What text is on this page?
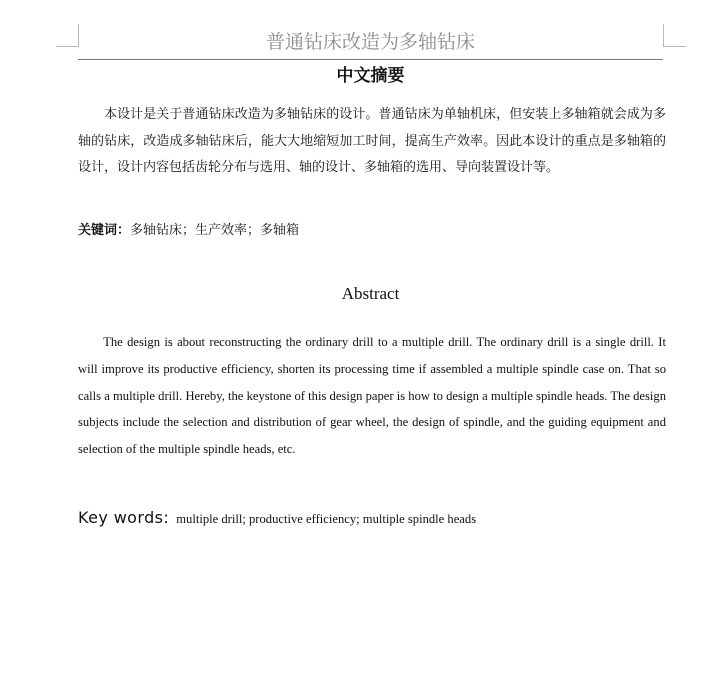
普通钻床改造为多轴钻床
中文摘要

本设计是关于普通钻床改造为多轴钻床的设计。普通钻床为单轴机床，但安装上多轴箱就会成为多轴的钻床，改造成多轴钻床后，能大大地缩短加工时间，提高生产效率。因此本设计的重点是多轴箱的设计，设计内容包括齿轮分布与选用、轴的设计、多轴箱的选用、导向装置设计等。

关键词：多轴钻床；生产效率；多轴箱
Abstract

The design is about reconstructing the ordinary drill to a multiple drill. The ordinary drill is a single drill. It will improve its productive efficiency, shorten its processing time if assembled a multiple spindle case on. That so calls a multiple drill. Hereby, the keystone of this design paper is how to design a multiple spindle heads. The design subjects include the selection and distribution of gear wheel, the design of spindle, and the guiding equipment and selection of the multiple spindle heads, etc.

Key words: multiple drill; productive efficiency; multiple spindle heads
